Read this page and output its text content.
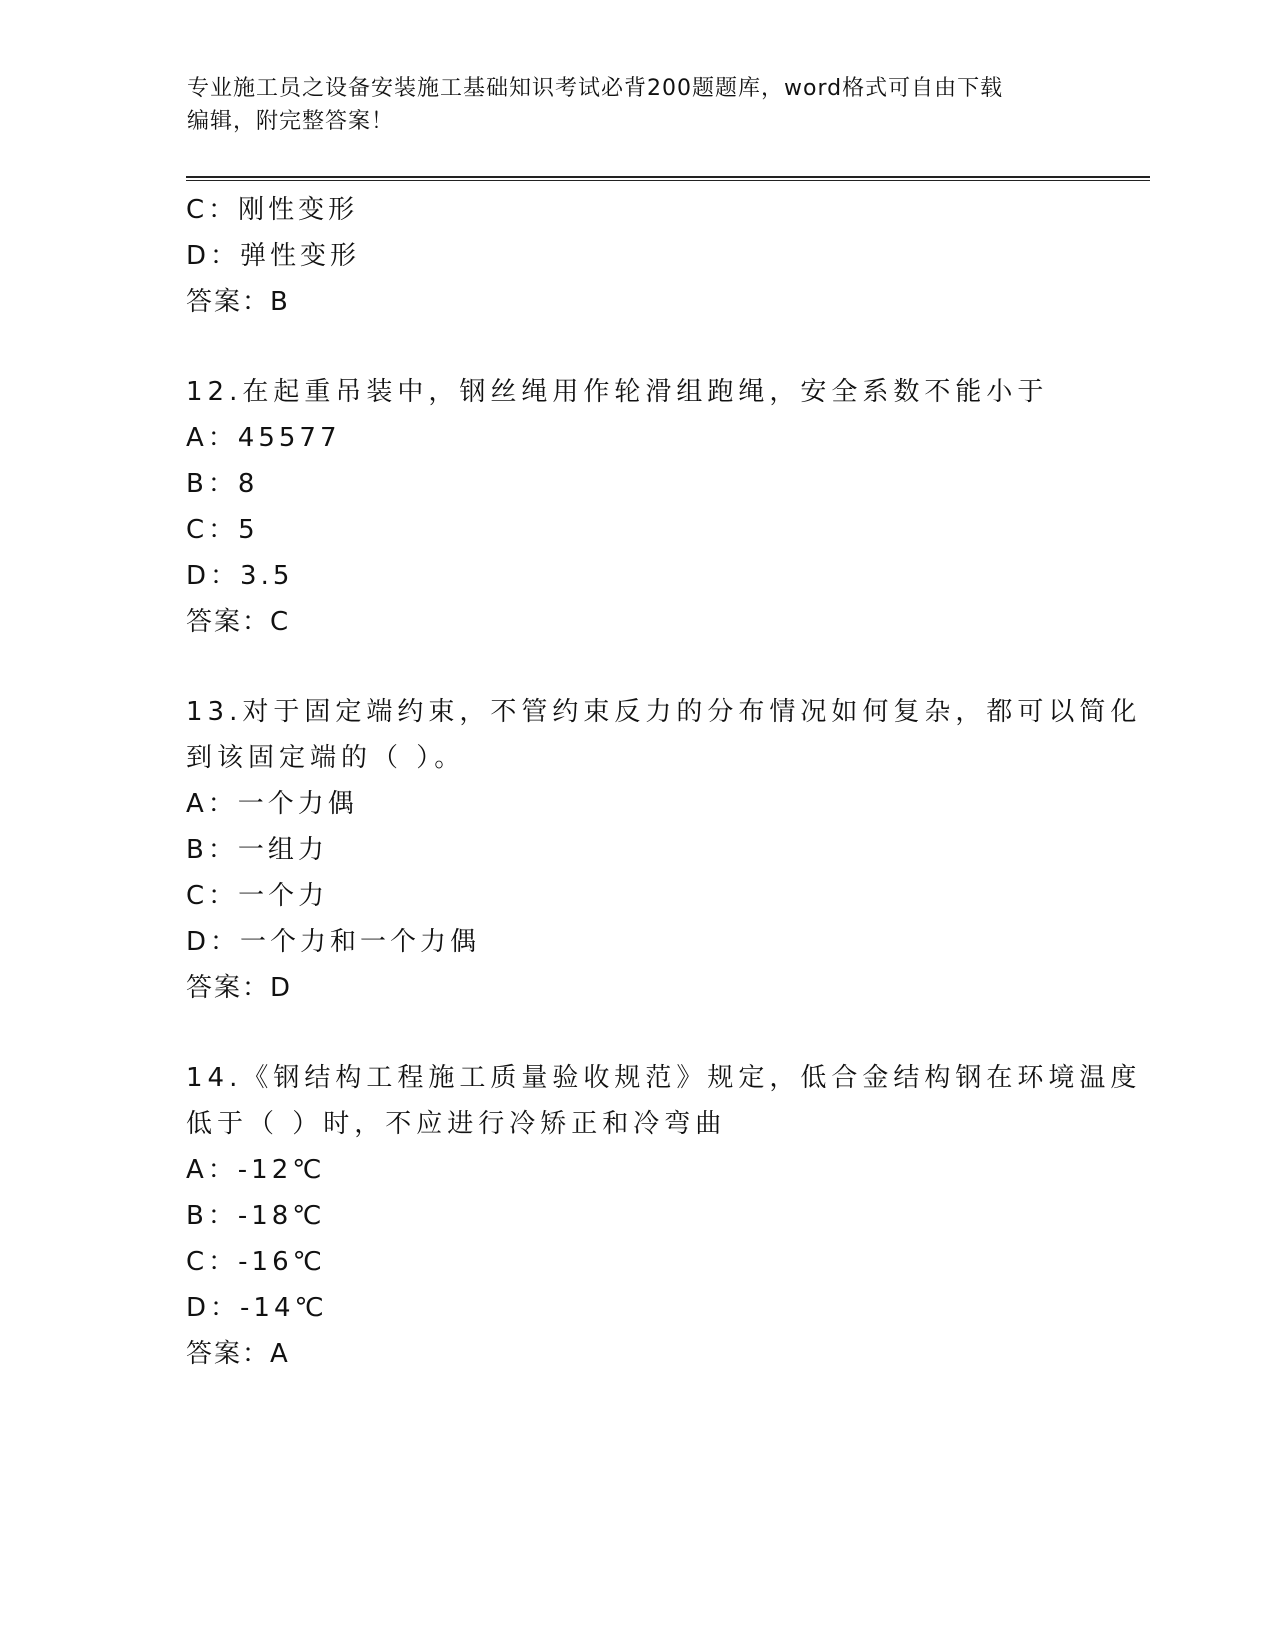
专业施工员之设备安装施工基础知识考试必背200题题库，word格式可自由下载
编辑，附完整答案！
C：刚性变形
D：弹性变形
答案：B
12.在起重吊装中，钢丝绳用作轮滑组跑绳，安全系数不能小于
A：45577
B：8
C：5
D：3.5
答案：C
13.对于固定端约束，不管约束反力的分布情况如何复杂，都可以简化
到该固定端的（ ）。
A：一个力偶
B：一组力
C：一个力
D：一个力和一个力偶
答案：D
14.《钢结构工程施工质量验收规范》规定，低合金结构钢在环境温度
低于（ ）时，不应进行冷矫正和冷弯曲
A：-12℃
B：-18℃
C：-16℃
D：-14℃
答案：A
